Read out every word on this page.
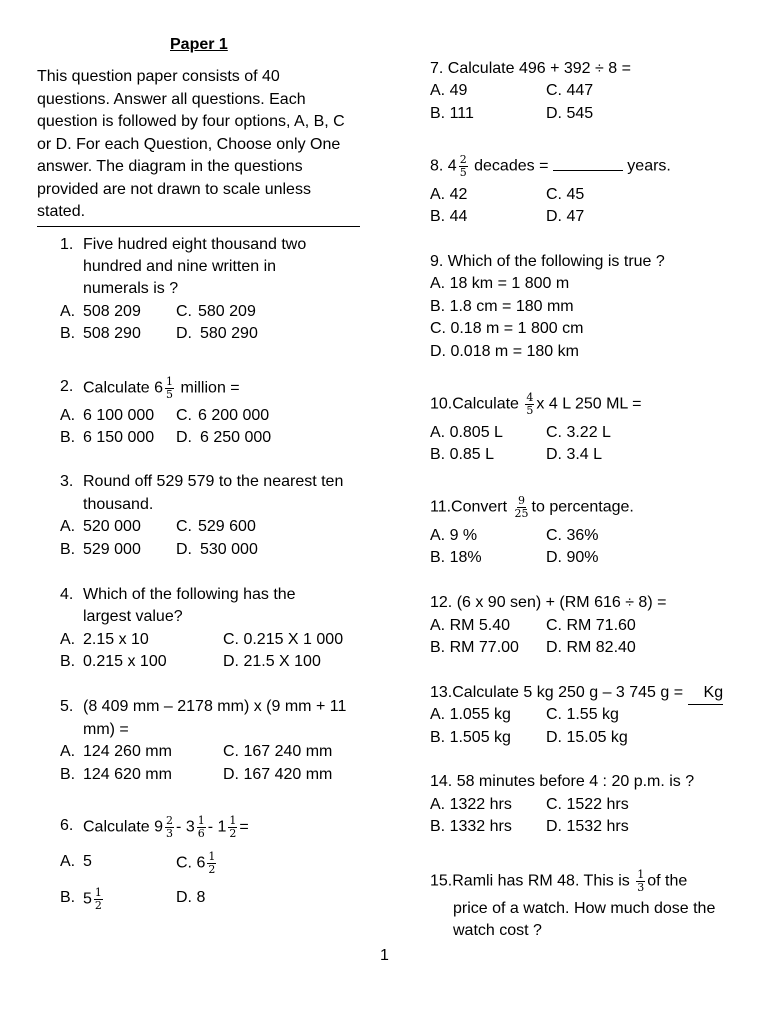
Paper 1
This question paper consists of 40
questions. Answer all questions. Each
question is followed by four options, A, B, C
or D. For each Question, Choose only One
answer. The diagram in the questions
provided are not drawn to scale unless
stated.
1. Five hudred eight thousand two
hundred and nine written in
numerals is ?
A. 508 209 C. 580 209
B. 508 290 D. 580 290
2. Calculate $6 \frac{1}{5}$ million =
A. 6 100 000 C. 6 200 000
B. 6 150 000 D. 6 250 000
3. Round off 529 579 to the nearest ten
thousand.
A. 520 000 C. 529 600
B. 529 000 D. 530 000
4. Which of the following has the
largest value?
A. 2.15 x 10	C. 0.215 X 1 000
B. 0.215 x 100	D. 21.5 X 100
5. (8 409 mm – 2178 mm) x (9 mm + 11
mm) =
A. 124 260 mm	C. 167 240 mm
B. 124 620 mm	D. 167 420 mm
6. Calculate $9 \frac{2}{3} - 3 \frac{1}{6} - 1 \frac{1}{2}$ =
A. 5	C. $6 \frac{1}{2}$
B. $5 \frac{1}{2}$	D. 8
7. Calculate 496 + 392 ÷ 8 =
A. 49	C. 447
B. 111	D. 545
8. $4 \frac{2}{5}$ decades =	years.
A. 42	C. 45
B. 44	D. 47
9. Which of the following is true ?
A. 18 km = 1 800 m
B. 1.8 cm = 180 mm
C. 0.18 m = 1 800 cm
D. 0.018 m = 180 km
10.Calculate $\frac{4}{5}$ x 4 L 250 ML =
A. 0.805 L	C. 3.22 L
B. 0.85 L	D. 3.4 L
11.Convert $\frac{9}{25}$ to percentage.
A. 9 %	C. 36%
B. 18%	D. 90%
12. (6 x 90 sen) + (RM 616 ÷ 8) =
A. RM 5.40 C. RM 71.60
B. RM 77.00 D. RM 82.40
13.Calculate 5 kg 250 g – 3 745 g = Kg
A. 1.055 kg C. 1.55 kg
B. 1.505 kg D. 15.05 kg
14. 58 minutes before 4 : 20 p.m. is ?
A. 1322 hrs C. 1522 hrs
B. 1332 hrs D. 1532 hrs
15.Ramli has RM 48. This is $\frac{1}{3}$ of the
price of a watch. How much dose the
watch cost ?
1
